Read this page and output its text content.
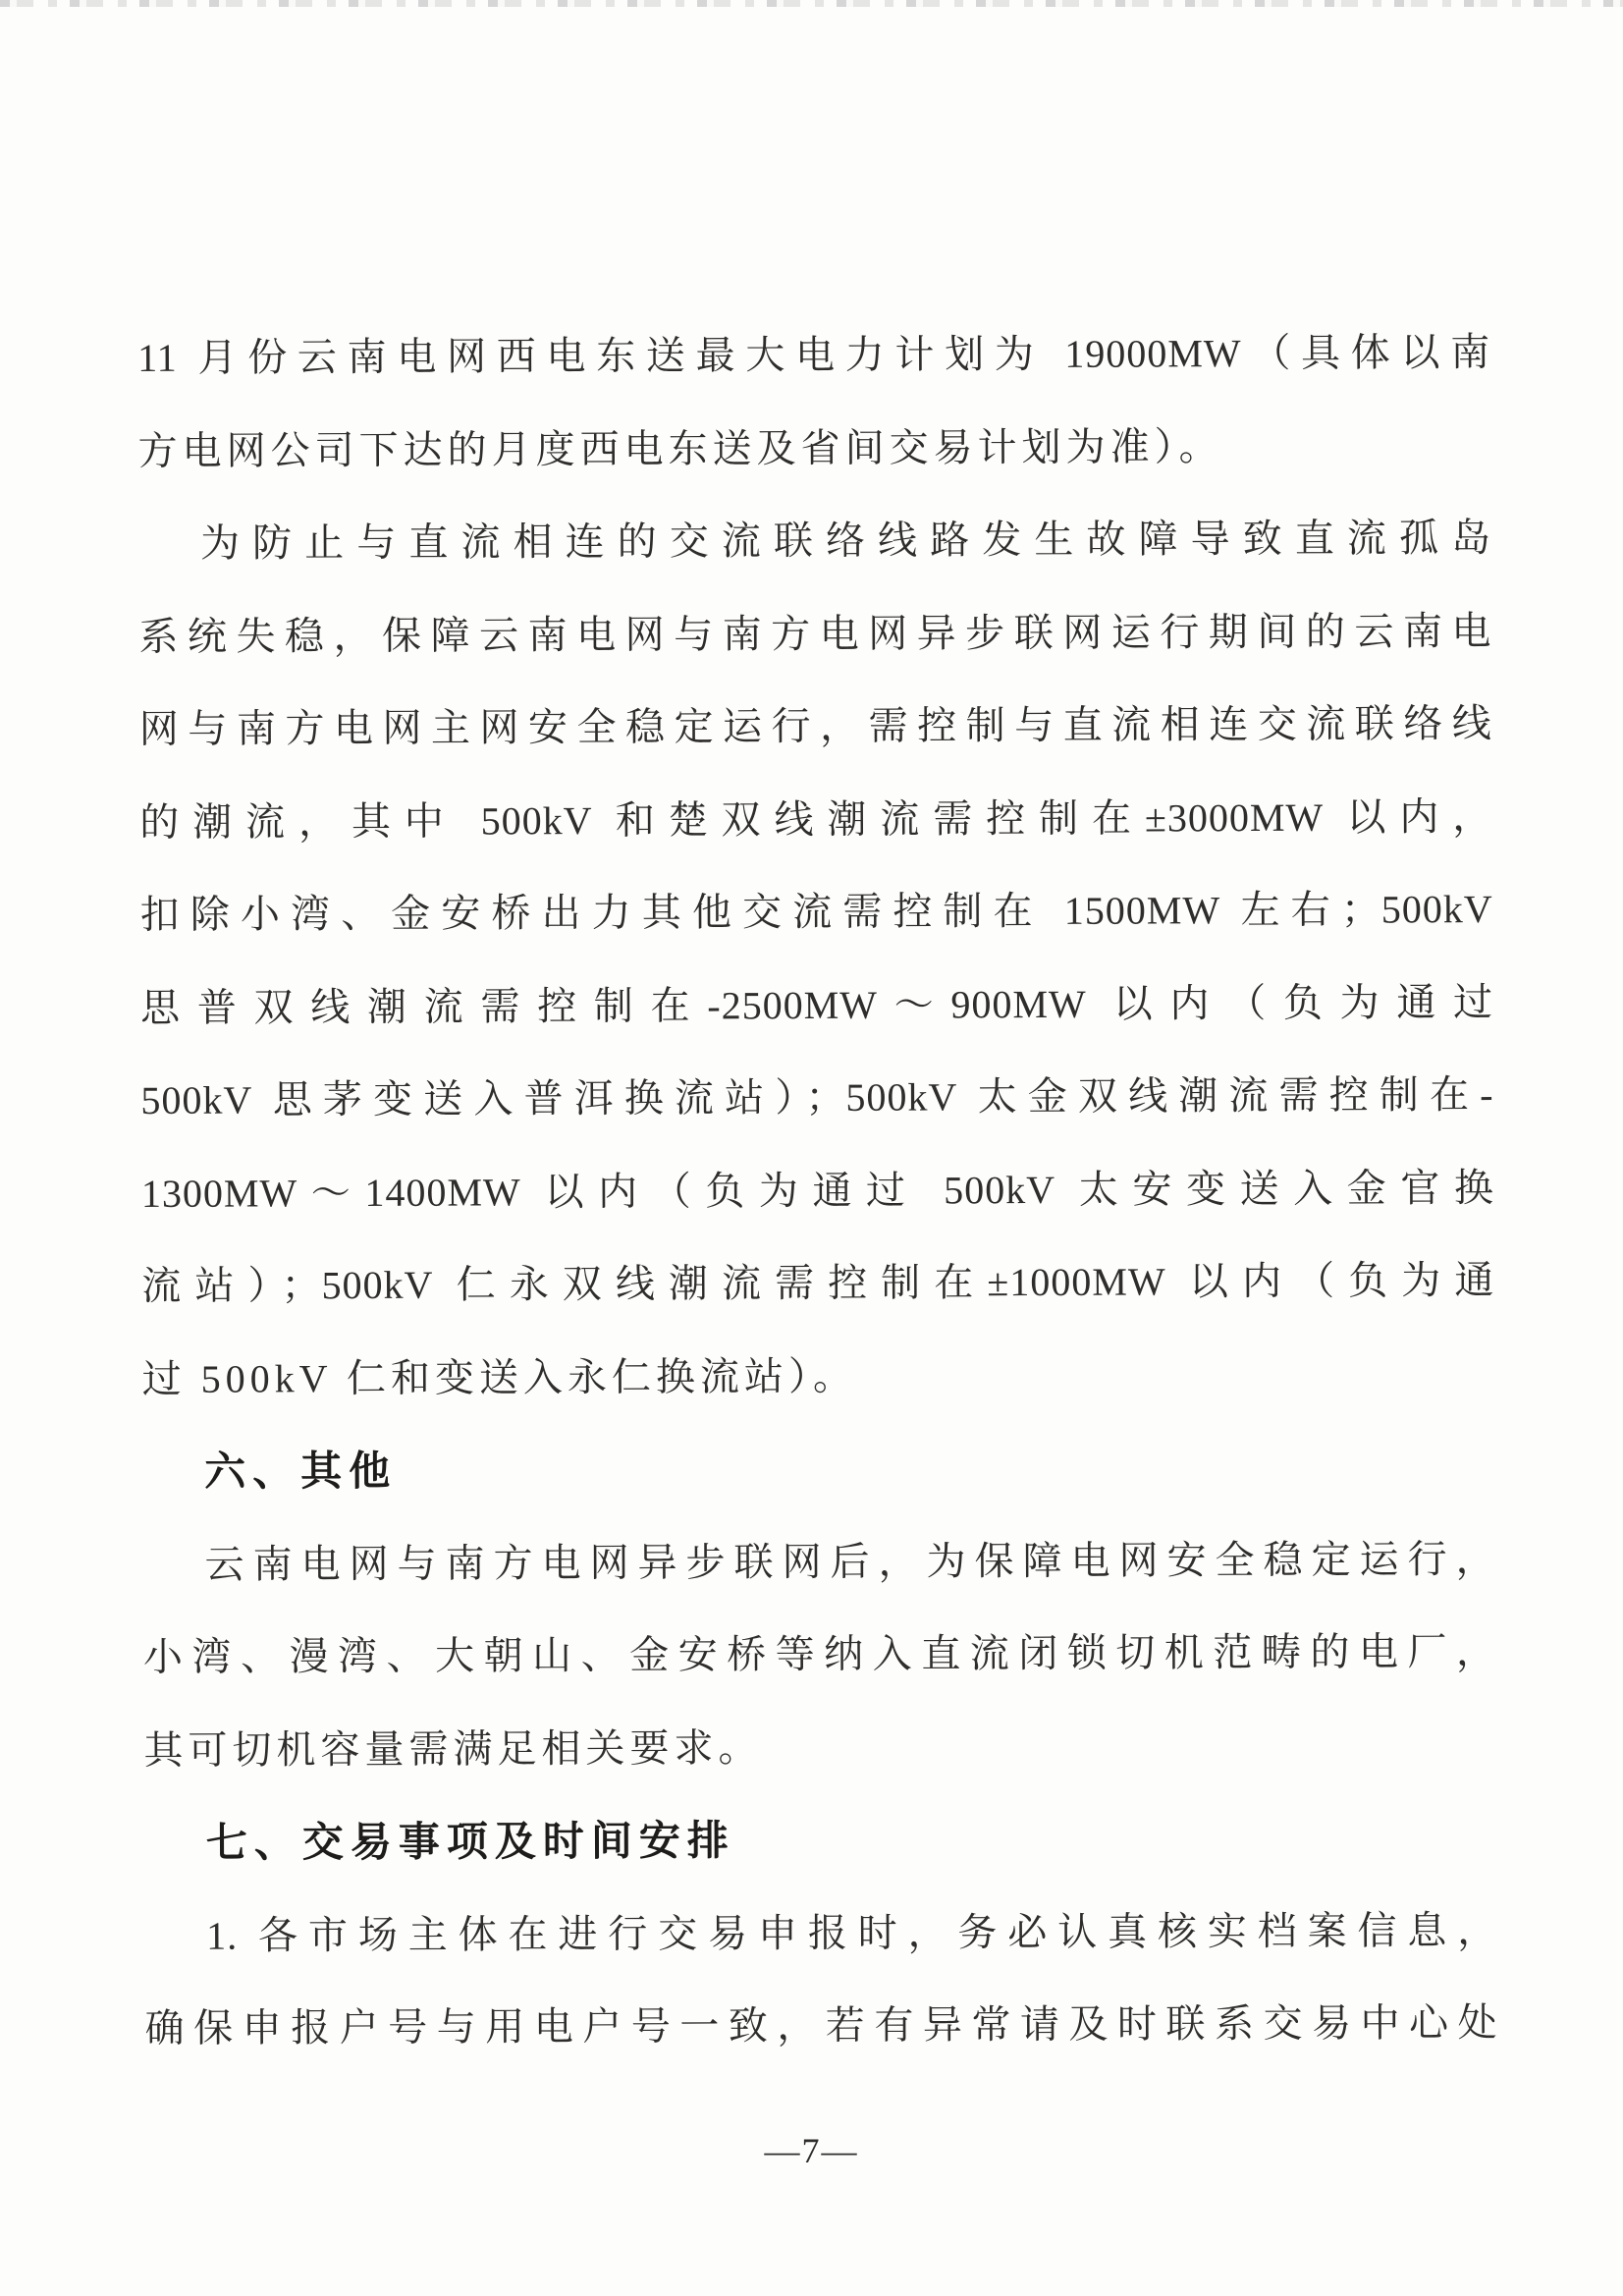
11 月份云南电网西电东送最大电力计划为 19000MW（具体以南
方电网公司下达的月度西电东送及省间交易计划为准）。
为防止与直流相连的交流联络线路发生故障导致直流孤岛
系统失稳，保障云南电网与南方电网异步联网运行期间的云南电
网与南方电网主网安全稳定运行，需控制与直流相连交流联络线
的潮流，其中 500kV 和楚双线潮流需控制在±3000MW 以内，
扣除小湾、金安桥出力其他交流需控制在 1500MW 左右；500kV
思普双线潮流需控制在-2500MW～900MW 以内（负为通过
500kV 思茅变送入普洱换流站）；500kV 太金双线潮流需控制在-
1300MW～1400MW 以内（负为通过 500kV 太安变送入金官换
流站）；500kV 仁永双线潮流需控制在±1000MW 以内（负为通
过 500kV 仁和变送入永仁换流站）。
六、其他
云南电网与南方电网异步联网后，为保障电网安全稳定运行，
小湾、漫湾、大朝山、金安桥等纳入直流闭锁切机范畴的电厂，
其可切机容量需满足相关要求。
七、交易事项及时间安排
1. 各市场主体在进行交易申报时，务必认真核实档案信息，
确保申报户号与用电户号一致，若有异常请及时联系交易中心处
—7—
